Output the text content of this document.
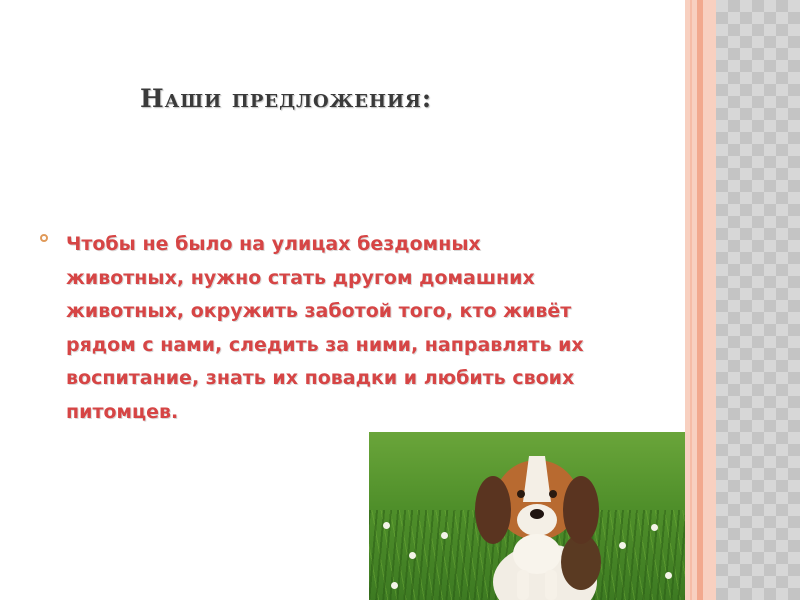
Наши предложения:
Чтобы не было на улицах бездомных животных, нужно стать другом домашних животных, окружить заботой того, кто живёт рядом с нами, следить за ними, направлять их воспитание, знать их повадки и любить своих питомцев.
